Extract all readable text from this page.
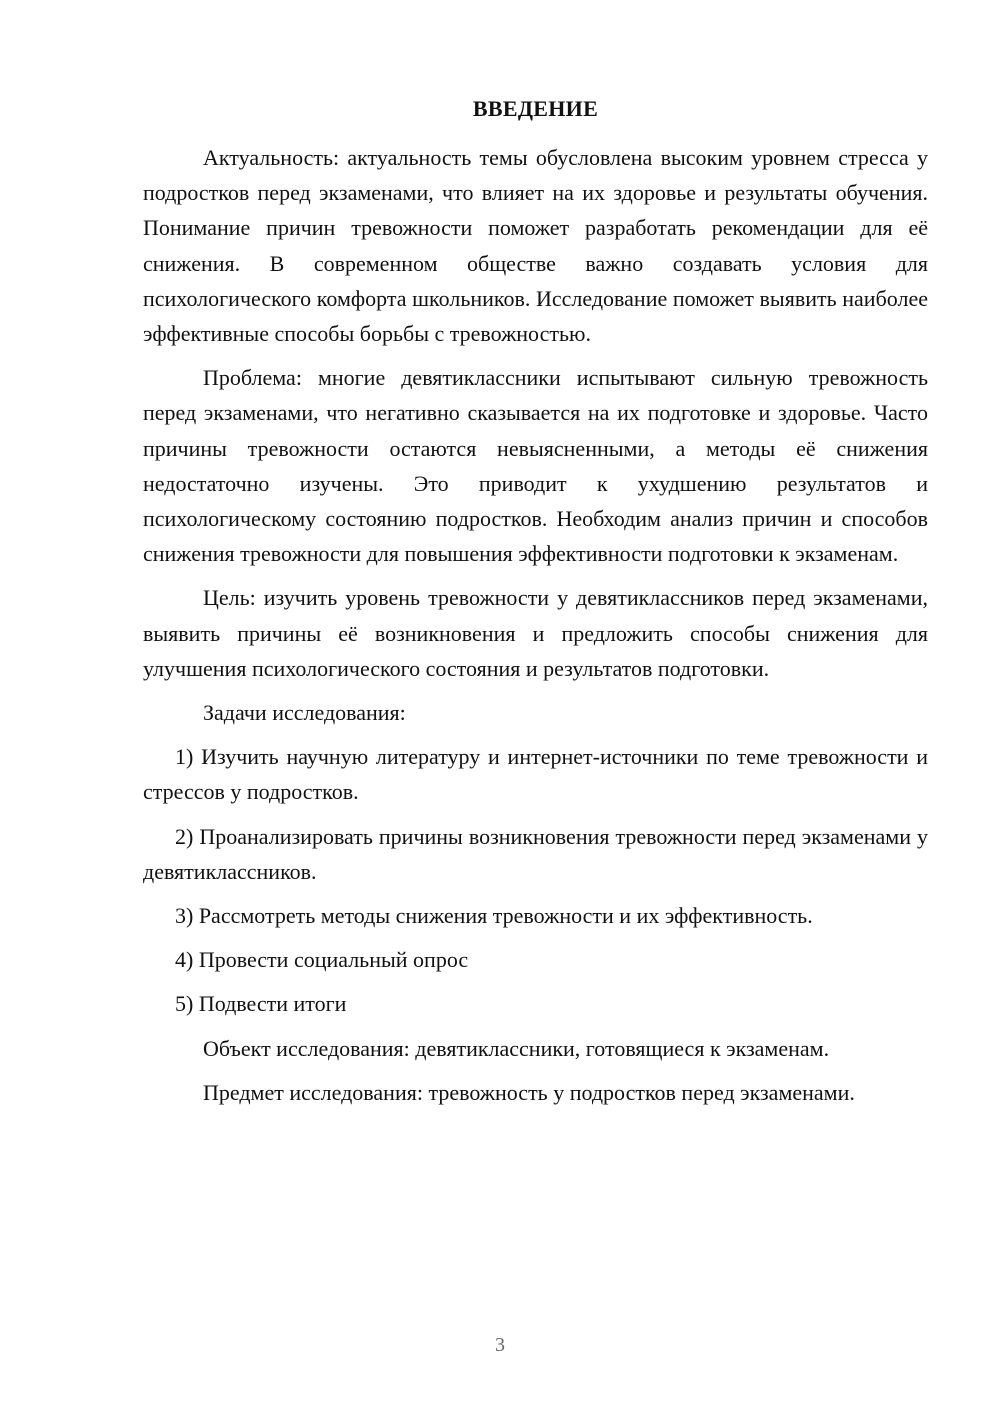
ВВЕДЕНИЕ

Актуальность: актуальность темы обусловлена высоким уровнем стресса у подростков перед экзаменами, что влияет на их здоровье и результаты обучения. Понимание причин тревожности поможет разработать рекомендации для её снижения. В современном обществе важно создавать условия для психологического комфорта школьников. Исследование поможет выявить наиболее эффективные способы борьбы с тревожностью.

Проблема: многие девятиклассники испытывают сильную тревожность перед экзаменами, что негативно сказывается на их подготовке и здоровье. Часто причины тревожности остаются невыясненными, а методы её снижения недостаточно изучены. Это приводит к ухудшению результатов и психологическому состоянию подростков. Необходим анализ причин и способов снижения тревожности для повышения эффективности подготовки к экзаменам.

Цель: изучить уровень тревожности у девятиклассников перед экзаменами, выявить причины её возникновения и предложить способы снижения для улучшения психологического состояния и результатов подготовки.

Задачи исследования:

1) Изучить научную литературу и интернет-источники по теме тревожности и стрессов у подростков.

2) Проанализировать причины возникновения тревожности перед экзаменами у девятиклассников.

3) Рассмотреть методы снижения тревожности и их эффективность.

4) Провести социальный опрос

5) Подвести итоги

Объект исследования: девятиклассники, готовящиеся к экзаменам.

Предмет исследования: тревожность у подростков перед экзаменами.

3
